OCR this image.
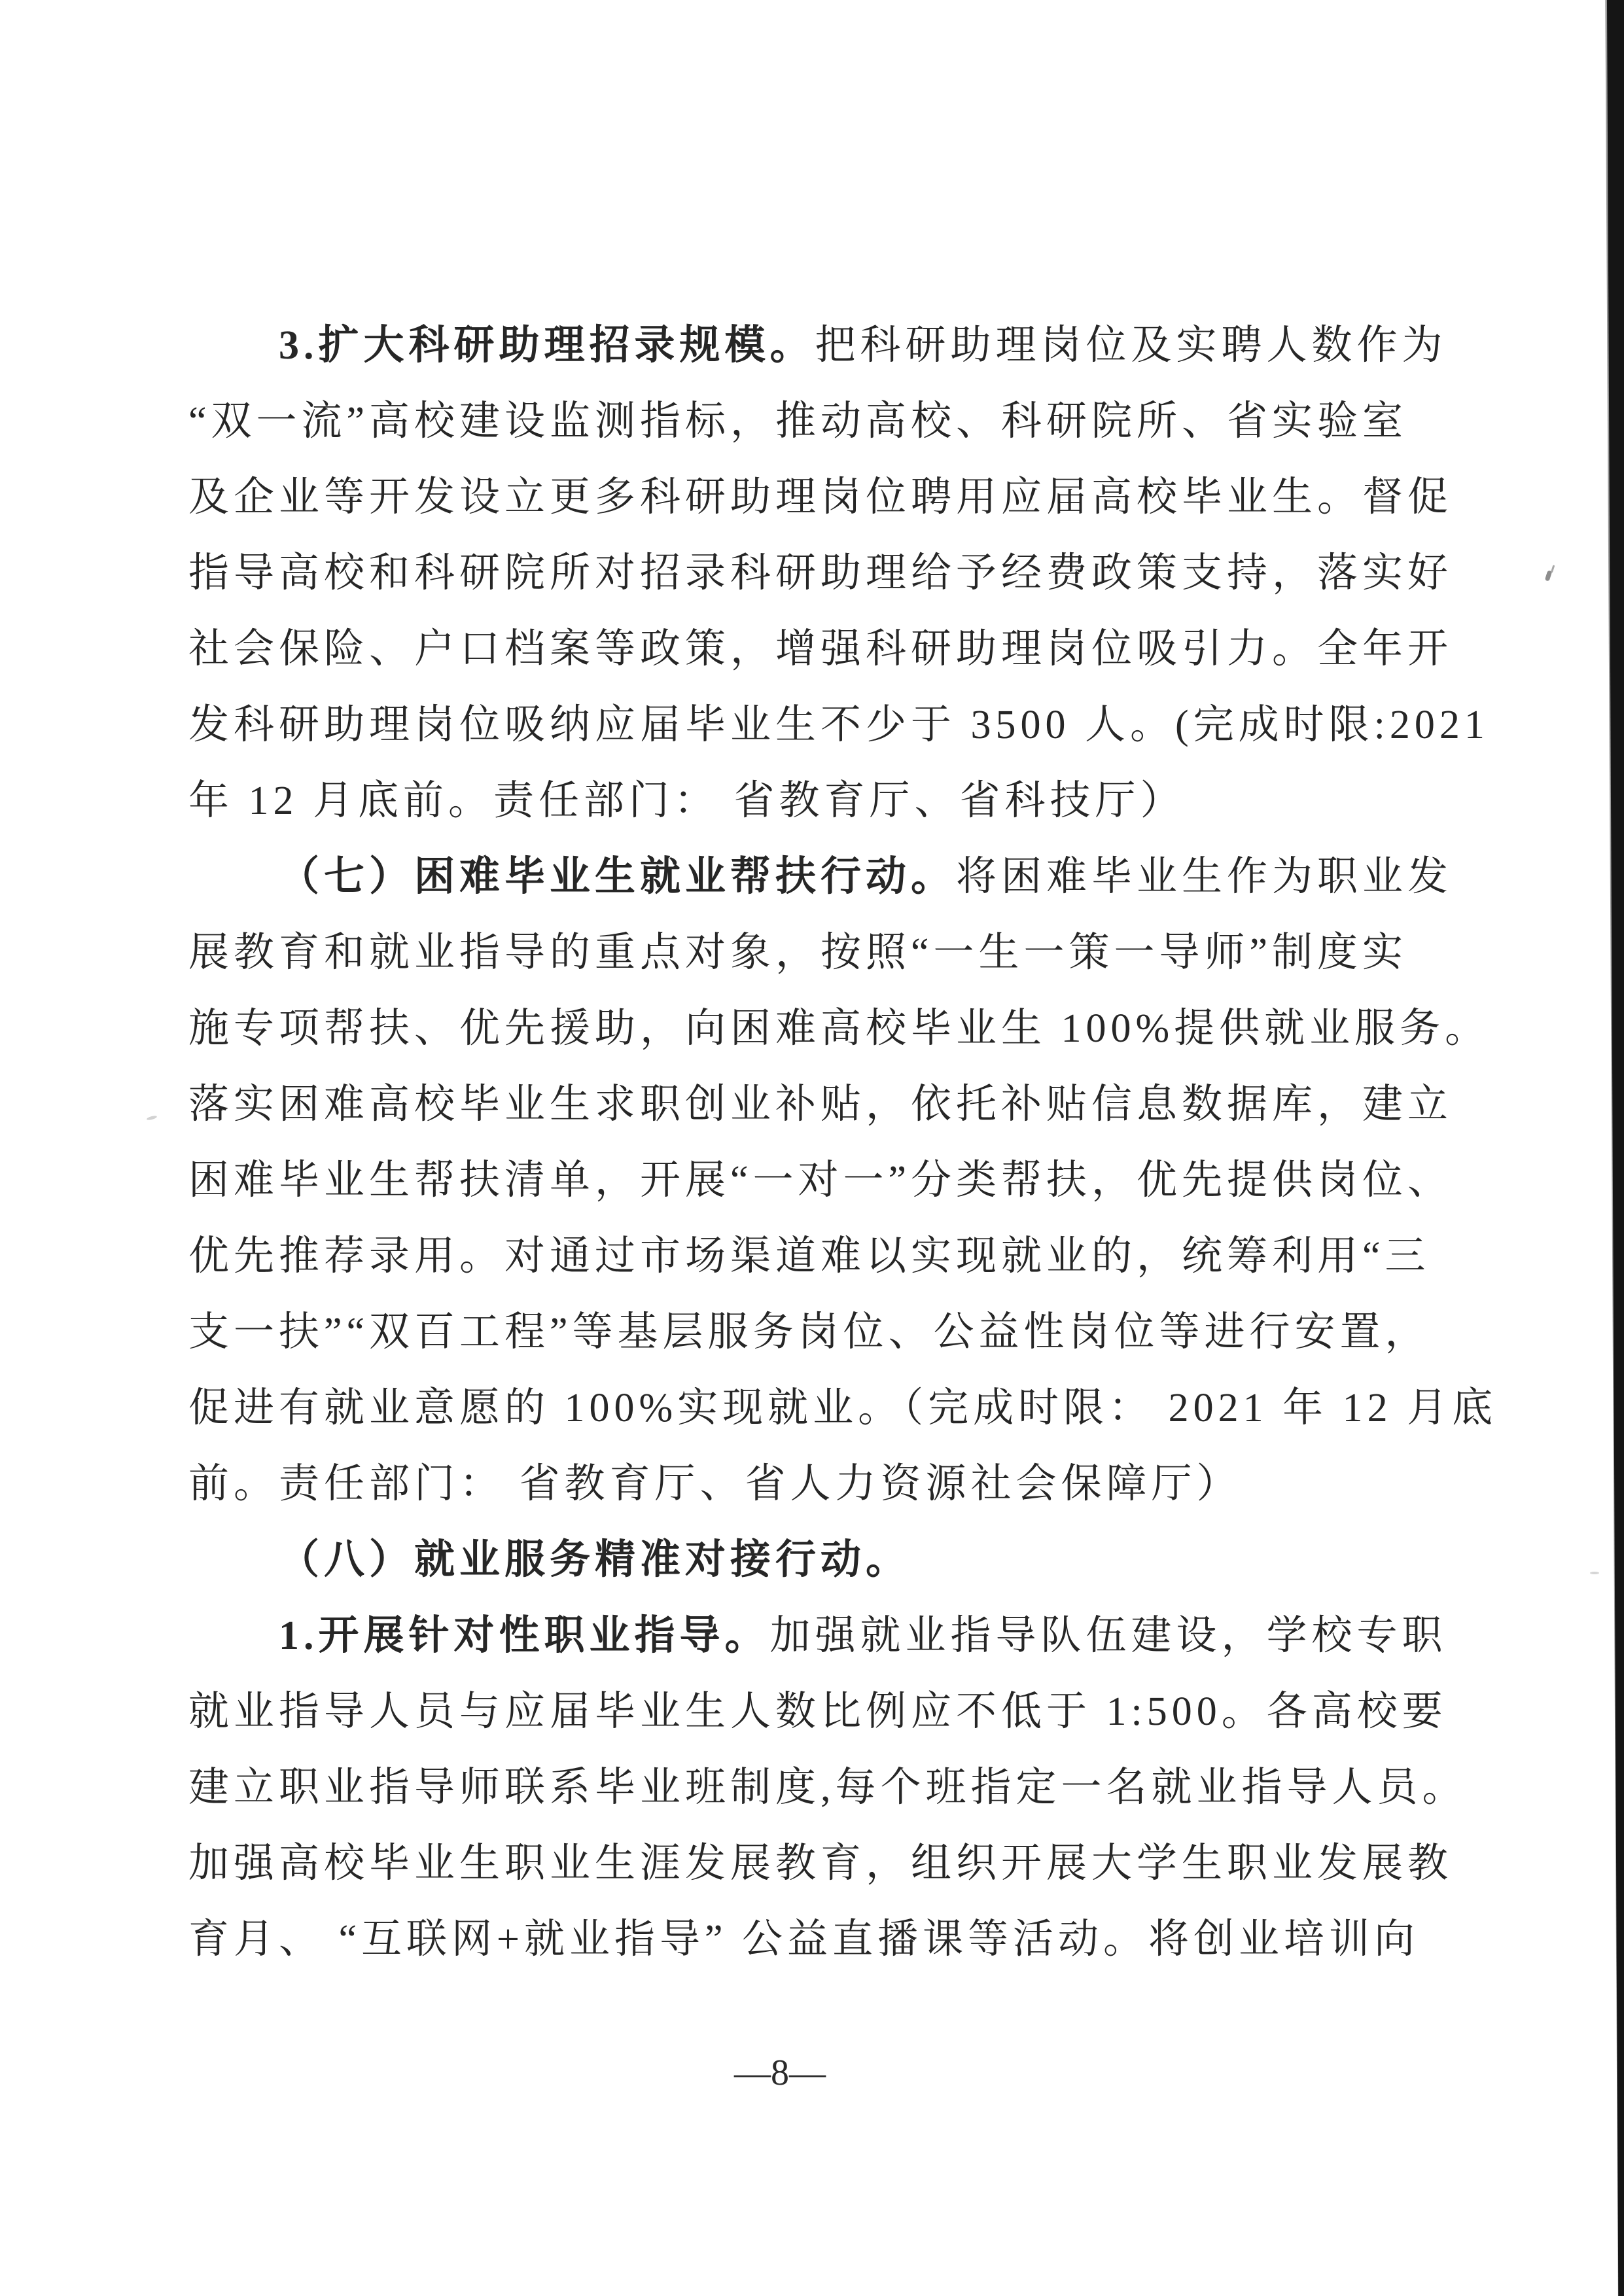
3.扩大科研助理招录规模。把科研助理岗位及实聘人数作为
“双一流”高校建设监测指标，推动高校、科研院所、省实验室
及企业等开发设立更多科研助理岗位聘用应届高校毕业生。督促
指导高校和科研院所对招录科研助理给予经费政策支持，落实好
社会保险、户口档案等政策，增强科研助理岗位吸引力。全年开
发科研助理岗位吸纳应届毕业生不少于 3500 人。(完成时限:2021
年 12 月底前。责任部门： 省教育厅、省科技厅）
（七）困难毕业生就业帮扶行动。将困难毕业生作为职业发
展教育和就业指导的重点对象，按照“一生一策一导师”制度实
施专项帮扶、优先援助，向困难高校毕业生 100%提供就业服务。
落实困难高校毕业生求职创业补贴，依托补贴信息数据库，建立
困难毕业生帮扶清单，开展“一对一”分类帮扶，优先提供岗位、
优先推荐录用。对通过市场渠道难以实现就业的，统筹利用“三
支一扶”“双百工程”等基层服务岗位、公益性岗位等进行安置，
促进有就业意愿的 100%实现就业。（完成时限： 2021 年 12 月底
前。责任部门： 省教育厅、省人力资源社会保障厅）
（八）就业服务精准对接行动。
1.开展针对性职业指导。加强就业指导队伍建设，学校专职
就业指导人员与应届毕业生人数比例应不低于 1:500。各高校要
建立职业指导师联系毕业班制度,每个班指定一名就业指导人员。
加强高校毕业生职业生涯发展教育，组织开展大学生职业发展教
育月、 “互联网+就业指导” 公益直播课等活动。将创业培训向
—8—
